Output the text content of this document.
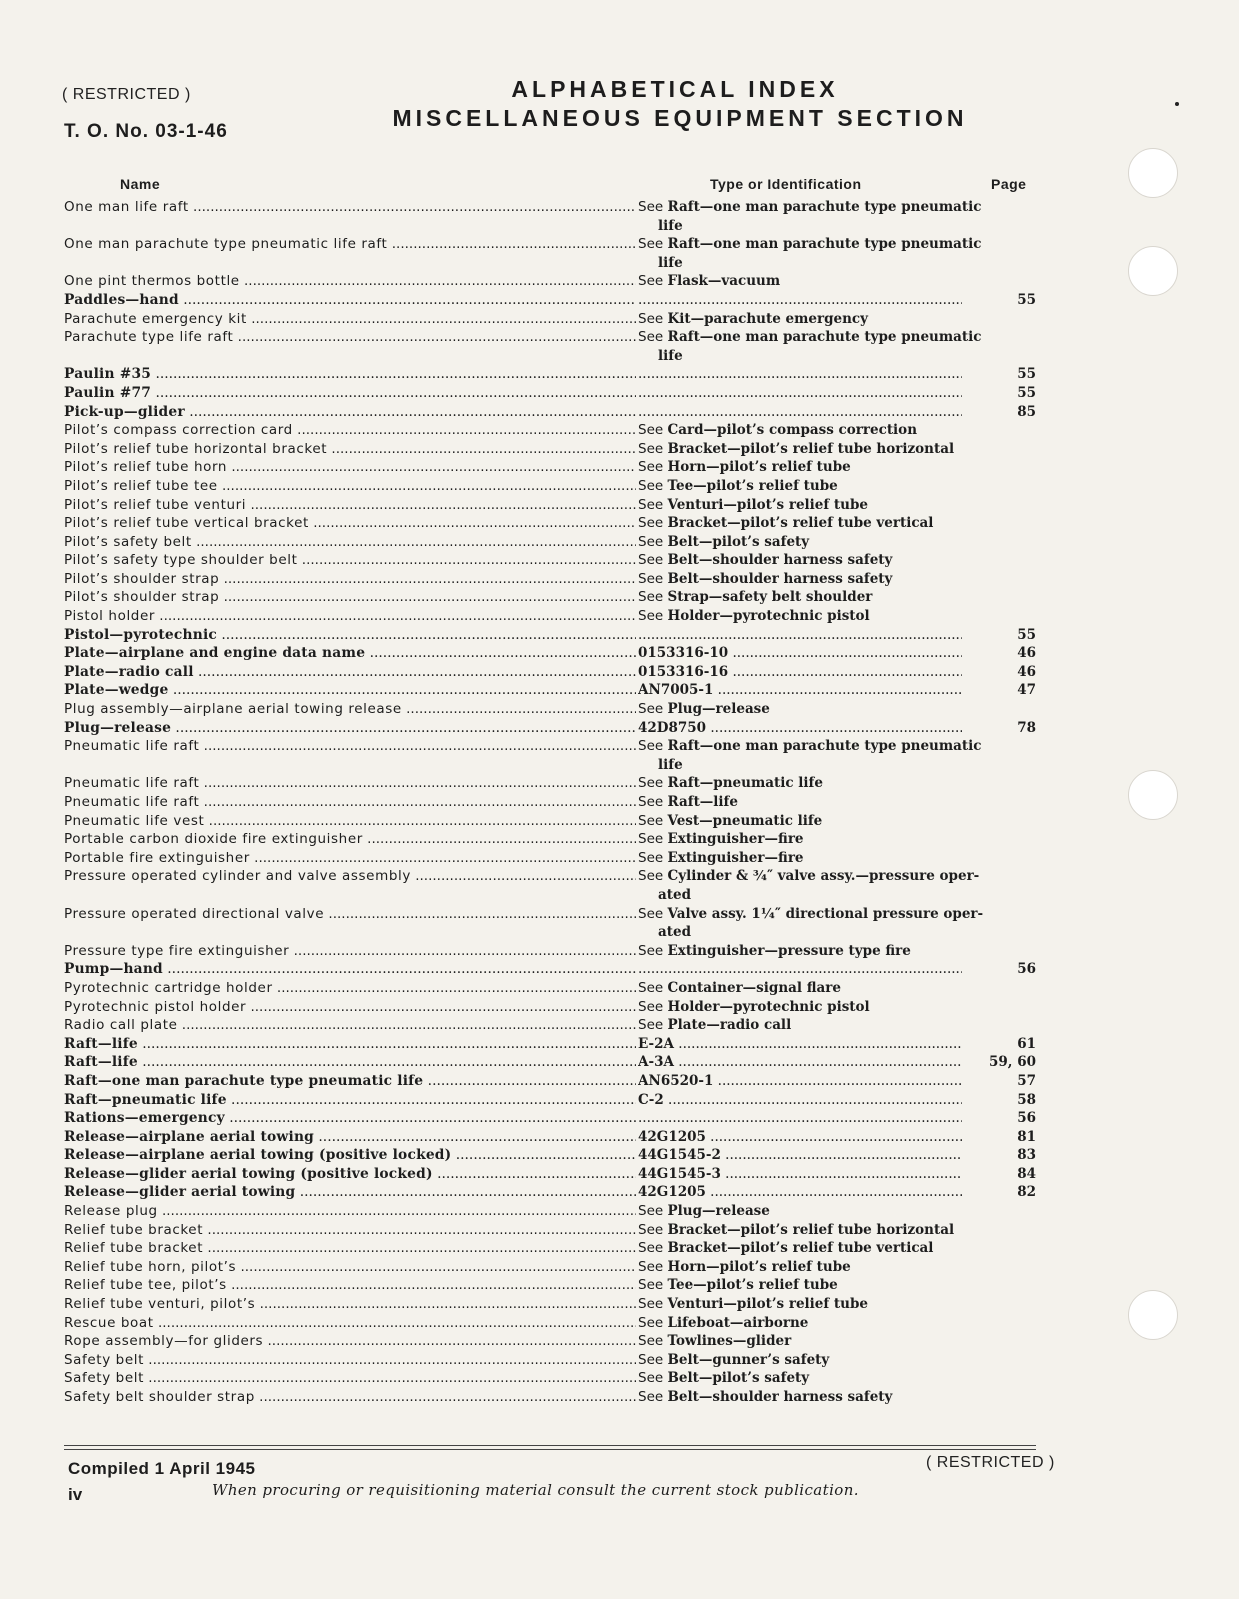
( RESTRICTED )
T. O. No. 03-1-46
ALPHABETICAL INDEX
MISCELLANEOUS EQUIPMENT SECTION
Name	Type or Identification	Page
One man life raft .....	See Raft—one man parachute type pneumatic
life
One man parachute type pneumatic life raft .....	See Raft—one man parachute type pneumatic
life
One pint thermos bottle .....	See Flask—vacuum
Paddles—hand ..... .....	55
Parachute emergency kit .....	See Kit—parachute emergency
Parachute type life raft .....	See Raft—one man parachute type pneumatic
life
Paulin #35 ..... .....	55
Paulin #77 ..... .....	55
Pick-up—glider ..... .....	85
Pilot’s compass correction card .....	See Card—pilot’s compass correction
Pilot’s relief tube horizontal bracket .....	See Bracket—pilot’s relief tube horizontal
Pilot’s relief tube horn .....	See Horn—pilot’s relief tube
Pilot’s relief tube tee .....	See Tee—pilot’s relief tube
Pilot’s relief tube venturi .....	See Venturi—pilot’s relief tube
Pilot’s relief tube vertical bracket .....	See Bracket—pilot’s relief tube vertical
Pilot’s safety belt .....	See Belt—pilot’s safety
Pilot’s safety type shoulder belt .....	See Belt—shoulder harness safety
Pilot’s shoulder strap .....	See Belt—shoulder harness safety
Pilot’s shoulder strap .....	See Strap—safety belt shoulder
Pistol holder .....	See Holder—pyrotechnic pistol
Pistol—pyrotechnic ..... .....	55
Plate—airplane and engine data name .....	0153316-10 .....	46
Plate—radio call .....	0153316-16 .....	46
Plate—wedge .....	AN7005-1 .....	47
Plug assembly—airplane aerial towing release .....	See Plug—release
Plug—release .....	42D8750 .....	78
Pneumatic life raft .....	See Raft—one man parachute type pneumatic
life
Pneumatic life raft .....	See Raft—pneumatic life
Pneumatic life raft .....	See Raft—life
Pneumatic life vest .....	See Vest—pneumatic life
Portable carbon dioxide fire extinguisher .....	See Extinguisher—fire
Portable fire extinguisher .....	See Extinguisher—fire
Pressure operated cylinder and valve assembly .....	See Cylinder & ¾″ valve assy.—pressure oper-
ated
Pressure operated directional valve .....	See Valve assy. 1¼″ directional pressure oper-
ated
Pressure type fire extinguisher .....	See Extinguisher—pressure type fire
Pump—hand ..... .....	56
Pyrotechnic cartridge holder .....	See Container—signal flare
Pyrotechnic pistol holder .....	See Holder—pyrotechnic pistol
Radio call plate .....	See Plate—radio call
Raft—life .....	E-2A .....	61
Raft—life .....	A-3A .....	59, 60
Raft—one man parachute type pneumatic life .....	AN6520-1 .....	57
Raft—pneumatic life .....	C-2 .....	58
Rations—emergency ..... .....	56
Release—airplane aerial towing .....	42G1205 .....	81
Release—airplane aerial towing (positive locked) .....	44G1545-2 .....	83
Release—glider aerial towing (positive locked) .....	44G1545-3 .....	84
Release—glider aerial towing .....	42G1205 .....	82
Release plug .....	See Plug—release
Relief tube bracket .....	See Bracket—pilot’s relief tube horizontal
Relief tube bracket .....	See Bracket—pilot’s relief tube vertical
Relief tube horn, pilot’s .....	See Horn—pilot’s relief tube
Relief tube tee, pilot’s .....	See Tee—pilot’s relief tube
Relief tube venturi, pilot’s .....	See Venturi—pilot’s relief tube
Rescue boat .....	See Lifeboat—airborne
Rope assembly—for gliders .....	See Towlines—glider
Safety belt .....	See Belt—gunner’s safety
Safety belt .....	See Belt—pilot’s safety
Safety belt shoulder strap .....	See Belt—shoulder harness safety
Compiled 1 April 1945	( RESTRICTED )
iv	When procuring or requisitioning material consult the current stock publication.
